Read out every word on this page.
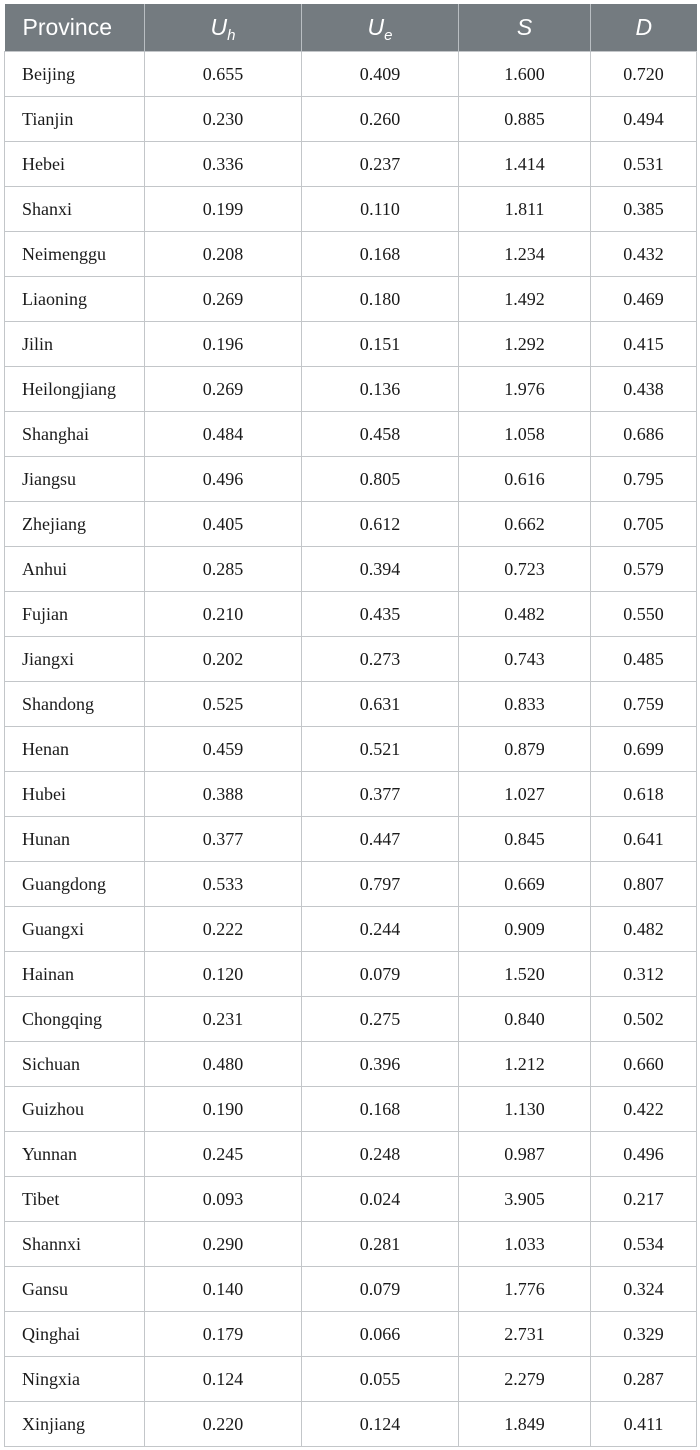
Province	$U_h$	$U_e$	S	D
Beijing	0.655	0.409	1.600	0.720
Tianjin	0.230	0.260	0.885	0.494
Hebei	0.336	0.237	1.414	0.531
Shanxi	0.199	0.110	1.811	0.385
Neimenggu	0.208	0.168	1.234	0.432
Liaoning	0.269	0.180	1.492	0.469
Jilin	0.196	0.151	1.292	0.415
Heilongjiang	0.269	0.136	1.976	0.438
Shanghai	0.484	0.458	1.058	0.686
Jiangsu	0.496	0.805	0.616	0.795
Zhejiang	0.405	0.612	0.662	0.705
Anhui	0.285	0.394	0.723	0.579
Fujian	0.210	0.435	0.482	0.550
Jiangxi	0.202	0.273	0.743	0.485
Shandong	0.525	0.631	0.833	0.759
Henan	0.459	0.521	0.879	0.699
Hubei	0.388	0.377	1.027	0.618
Hunan	0.377	0.447	0.845	0.641
Guangdong	0.533	0.797	0.669	0.807
Guangxi	0.222	0.244	0.909	0.482
Hainan	0.120	0.079	1.520	0.312
Chongqing	0.231	0.275	0.840	0.502
Sichuan	0.480	0.396	1.212	0.660
Guizhou	0.190	0.168	1.130	0.422
Yunnan	0.245	0.248	0.987	0.496
Tibet	0.093	0.024	3.905	0.217
Shannxi	0.290	0.281	1.033	0.534
Gansu	0.140	0.079	1.776	0.324
Qinghai	0.179	0.066	2.731	0.329
Ningxia	0.124	0.055	2.279	0.287
Xinjiang	0.220	0.124	1.849	0.411
